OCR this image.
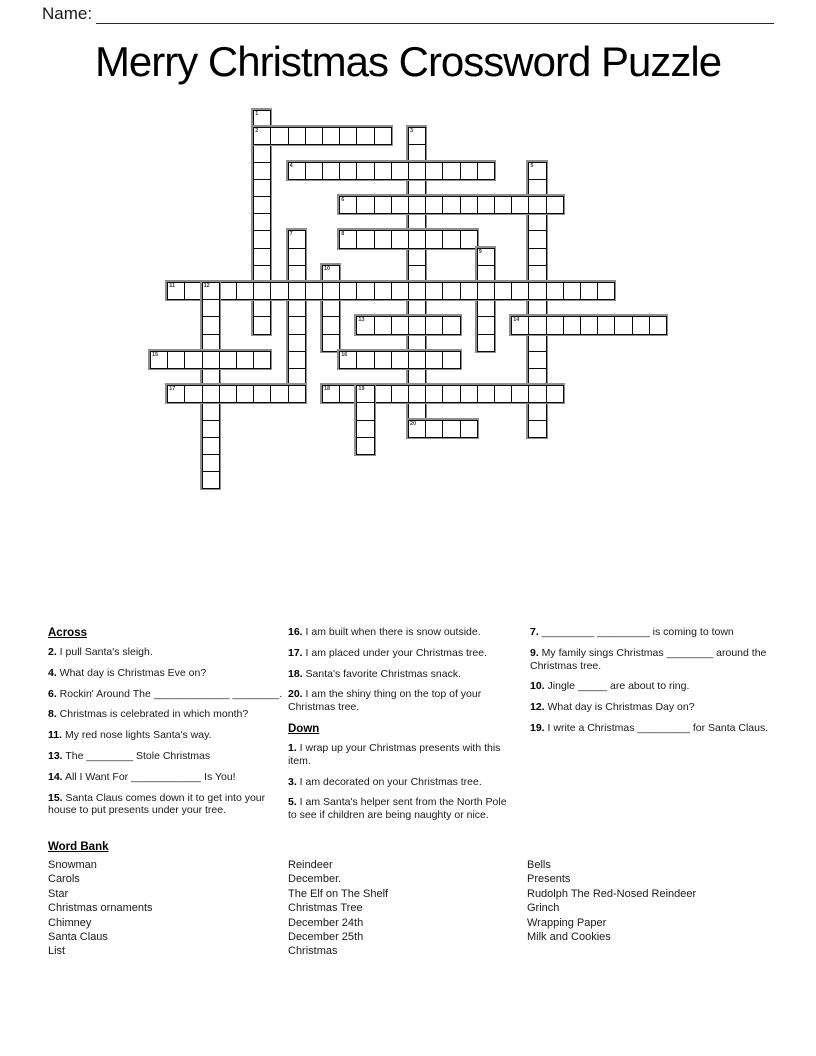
Name:
Merry Christmas Crossword Puzzle
1
2	3
4	5
6
7	8
9
10
11	12
13	14
15	16
17	18	19
20
Across
2. I pull Santa's sleigh.
4. What day is Christmas Eve on?
6. Rockin' Around The _____________ ________.
8. Christmas is celebrated in which month?
11. My red nose lights Santa's way.
13. The ________ Stole Christmas
14. All I Want For ____________ Is You!
15. Santa Claus comes down it to get into your house to put presents under your tree.
16. I am built when there is snow outside.
17. I am placed under your Christmas tree.
18. Santa's favorite Christmas snack.
20. I am the shiny thing on the top of your Christmas tree.
Down
1. I wrap up your Christmas presents with this item.
3. I am decorated on your Christmas tree.
5. I am Santa's helper sent from the North Pole to see if children are being naughty or nice.
7. _________ _________ is coming to town
9. My family sings Christmas ________ around the Christmas tree.
10. Jingle _____ are about to ring.
12. What day is Christmas Day on?
19. I write a Christmas _________ for Santa Claus.
Word Bank
Snowman
Carols
Star
Christmas ornaments
Chimney
Santa Claus
List
Reindeer
December.
The Elf on The Shelf
Christmas Tree
December 24th
December 25th
Christmas
Bells
Presents
Rudolph The Red-Nosed Reindeer
Grinch
Wrapping Paper
Milk and Cookies
